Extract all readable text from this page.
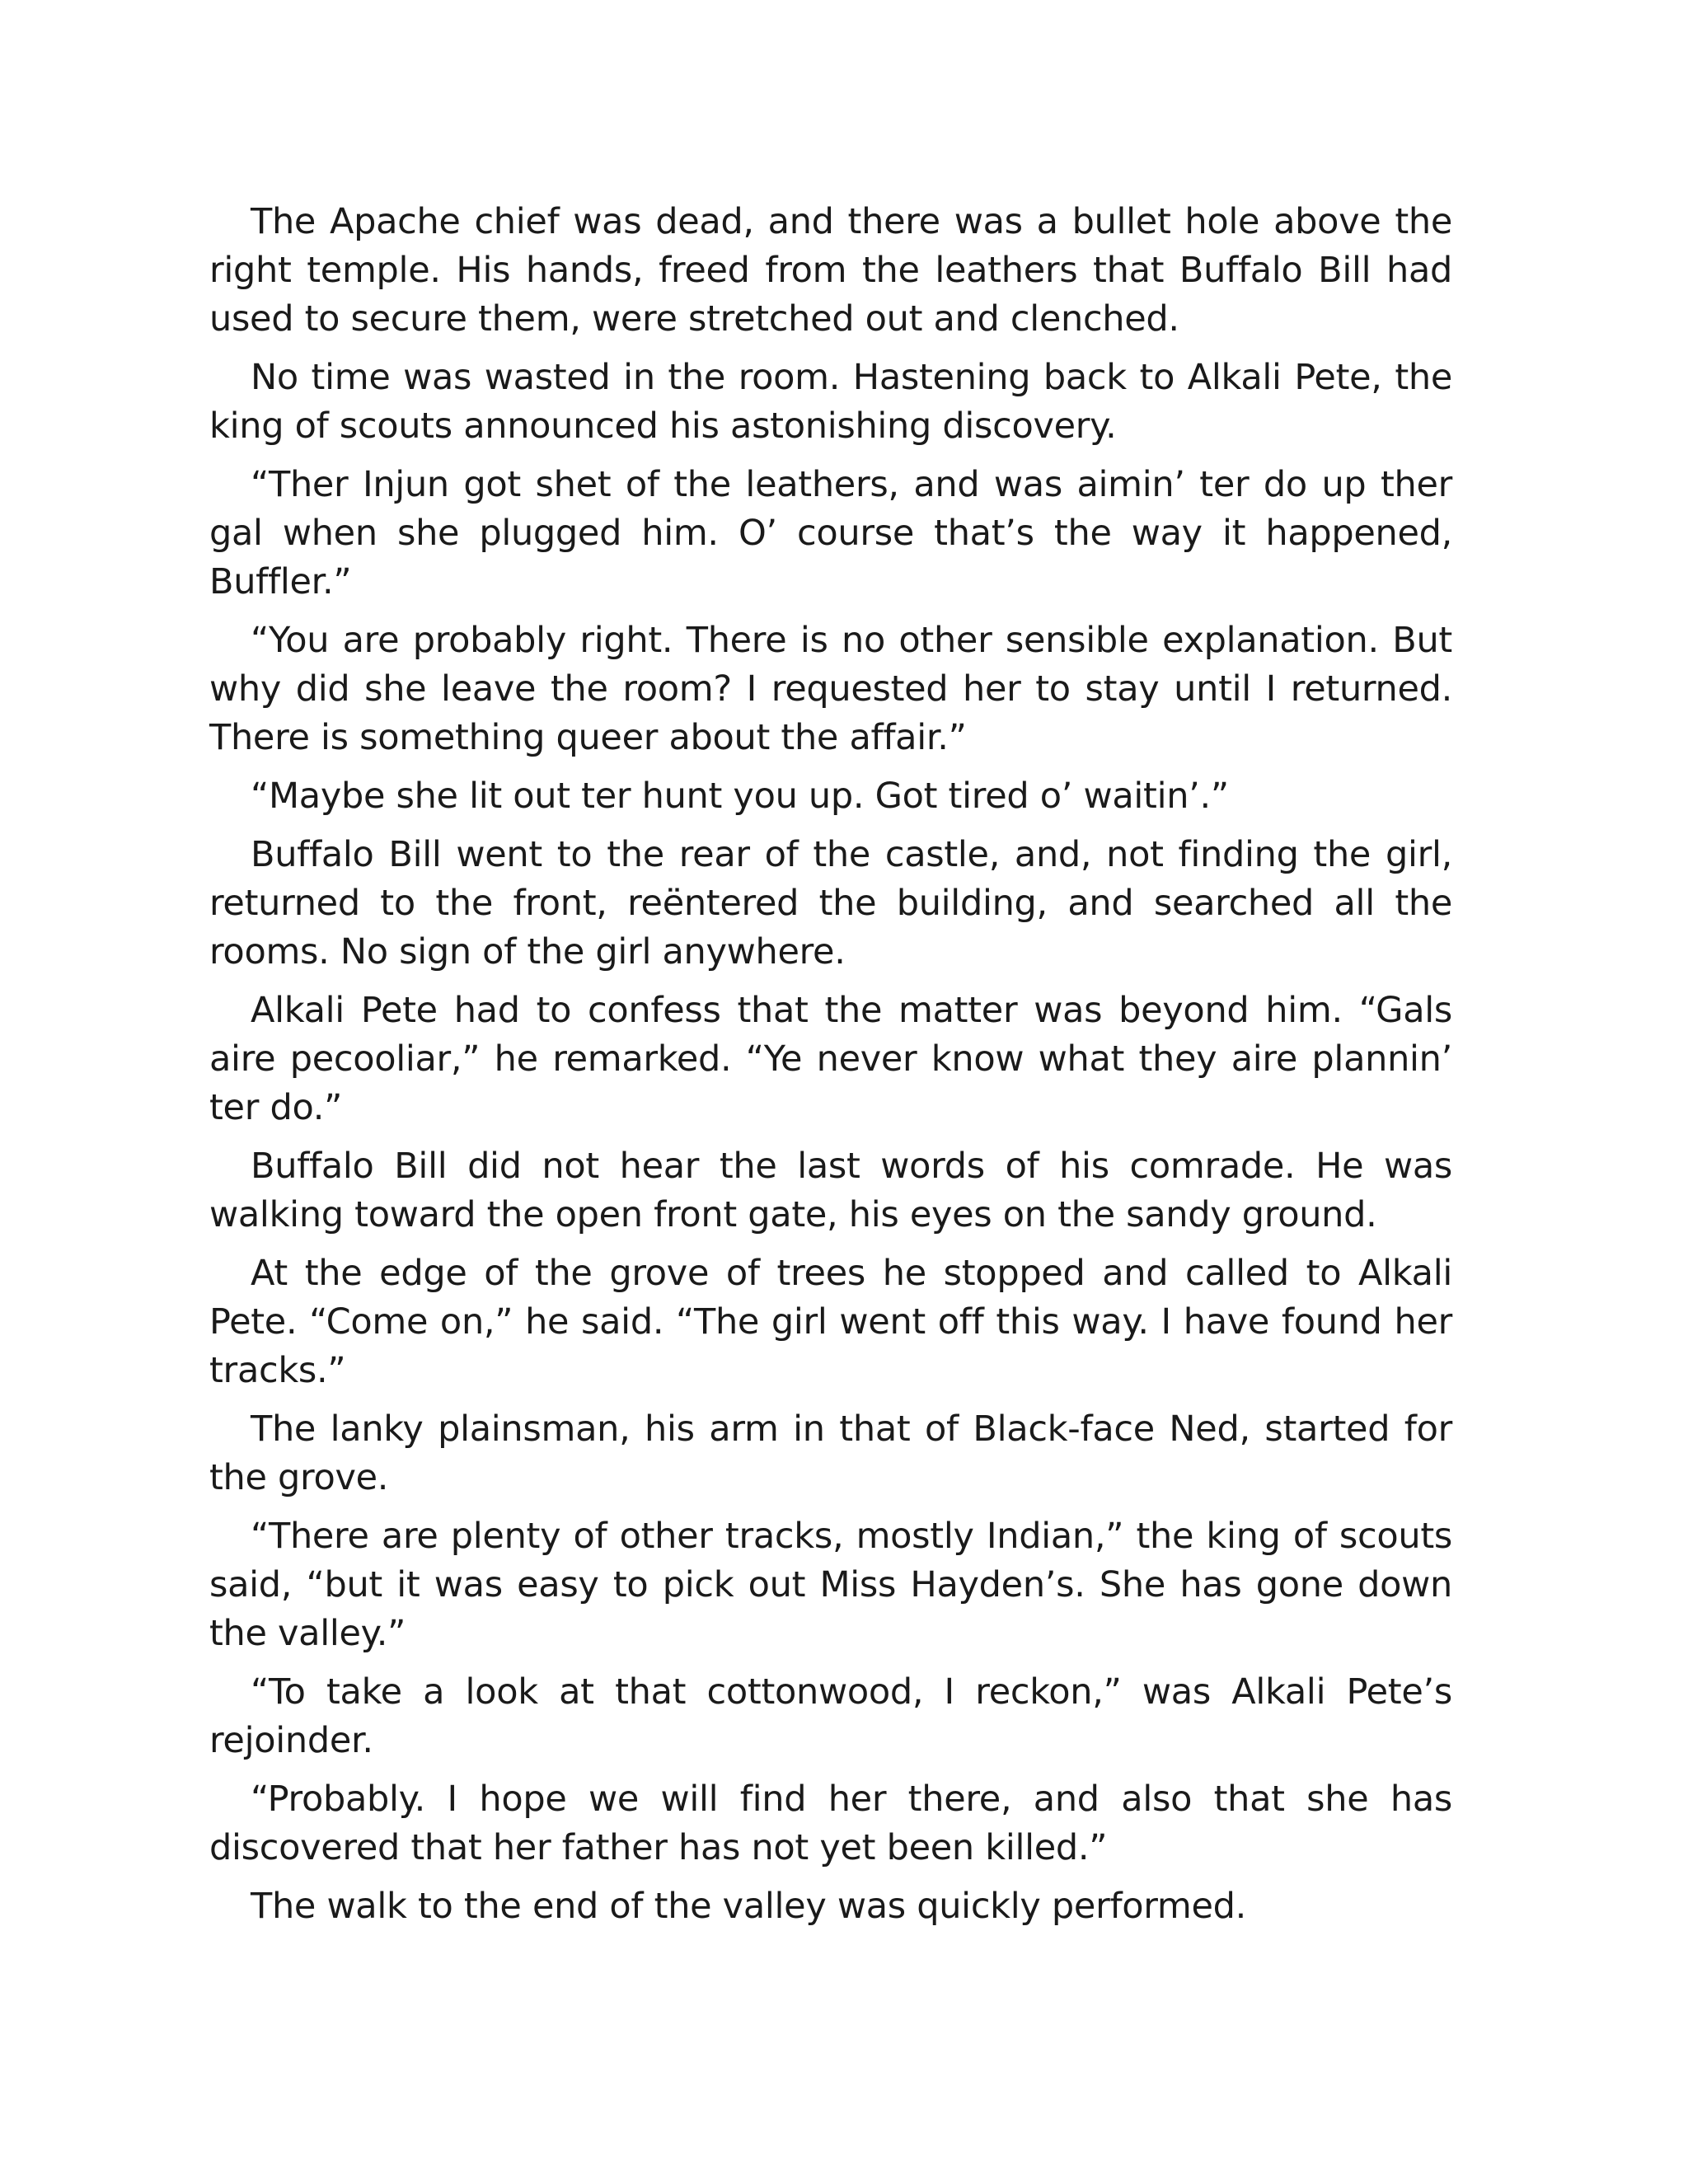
The Apache chief was dead, and there was a bullet hole above the right temple. His hands, freed from the leathers that Buffalo Bill had used to secure them, were stretched out and clenched.

No time was wasted in the room. Hastening back to Alkali Pete, the king of scouts announced his astonishing discovery.

“Ther Injun got shet of the leathers, and was aimin’ ter do up ther gal when she plugged him. O’ course that’s the way it happened, Buffler.”

“You are probably right. There is no other sensible explanation. But why did she leave the room? I requested her to stay until I returned. There is something queer about the affair.”

“Maybe she lit out ter hunt you up. Got tired o’ waitin’.”

Buffalo Bill went to the rear of the castle, and, not finding the girl, returned to the front, reëntered the building, and searched all the rooms. No sign of the girl anywhere.

Alkali Pete had to confess that the matter was beyond him. “Gals aire pecooliar,” he remarked. “Ye never know what they aire plannin’ ter do.”

Buffalo Bill did not hear the last words of his comrade. He was walking toward the open front gate, his eyes on the sandy ground.

At the edge of the grove of trees he stopped and called to Alkali Pete. “Come on,” he said. “The girl went off this way. I have found her tracks.”

The lanky plainsman, his arm in that of Black-face Ned, started for the grove.

“There are plenty of other tracks, mostly Indian,” the king of scouts said, “but it was easy to pick out Miss Hayden’s. She has gone down the valley.”

“To take a look at that cottonwood, I reckon,” was Alkali Pete’s rejoinder.

“Probably. I hope we will find her there, and also that she has discovered that her father has not yet been killed.”

The walk to the end of the valley was quickly performed.
